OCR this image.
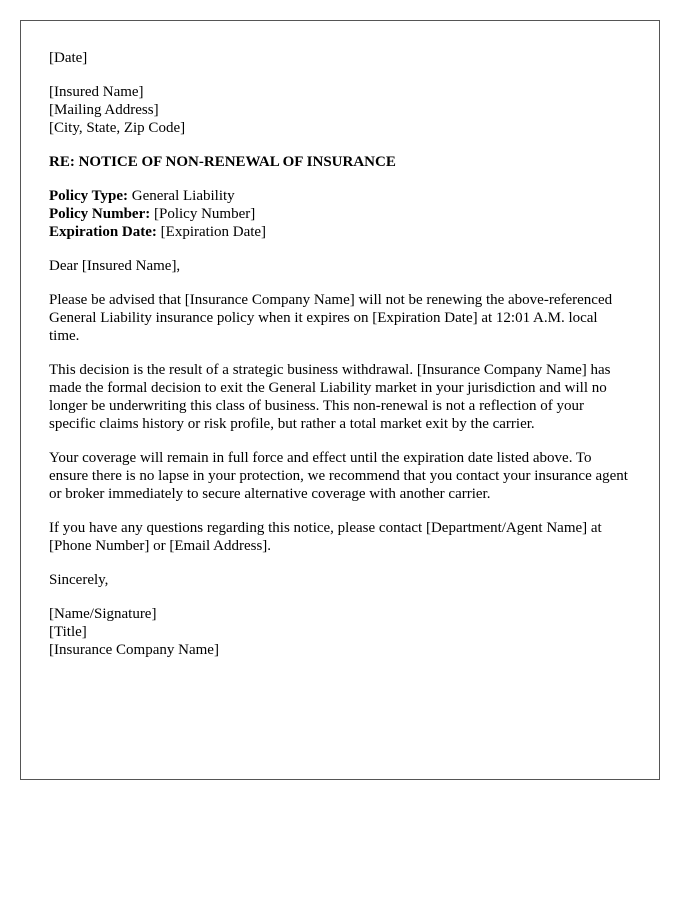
[Date]
[Insured Name]
[Mailing Address]
[City, State, Zip Code]
RE: NOTICE OF NON-RENEWAL OF INSURANCE
Policy Type: General Liability
Policy Number: [Policy Number]
Expiration Date: [Expiration Date]

Dear [Insured Name],

Please be advised that [Insurance Company Name] will not be renewing the above-referenced General Liability insurance policy when it expires on [Expiration Date] at 12:01 A.M. local time.

This decision is the result of a strategic business withdrawal. [Insurance Company Name] has made the formal decision to exit the General Liability market in your jurisdiction and will no longer be underwriting this class of business. This non-renewal is not a reflection of your specific claims history or risk profile, but rather a total market exit by the carrier.

Your coverage will remain in full force and effect until the expiration date listed above. To ensure there is no lapse in your protection, we recommend that you contact your insurance agent or broker immediately to secure alternative coverage with another carrier.

If you have any questions regarding this notice, please contact [Department/Agent Name] at [Phone Number] or [Email Address].

Sincerely,

[Name/Signature]
[Title]
[Insurance Company Name]
